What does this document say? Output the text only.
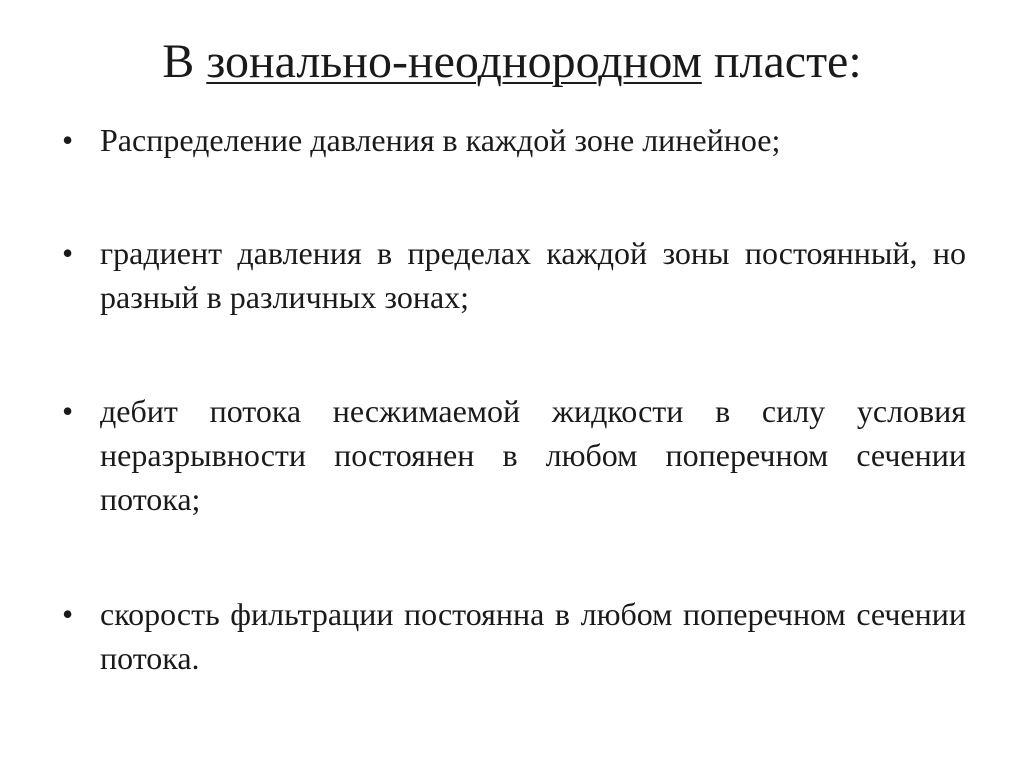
В зонально-неоднородном пласте:
• Распределение давления в каждой зоне линейное;
• градиент давления в пределах каждой зоны постоянный, но разный в различных зонах;
• дебит потока несжимаемой жидкости в силу условия неразрывности постоянен в любом поперечном сечении потока;
• скорость фильтрации постоянна в любом поперечном сечении потока.
